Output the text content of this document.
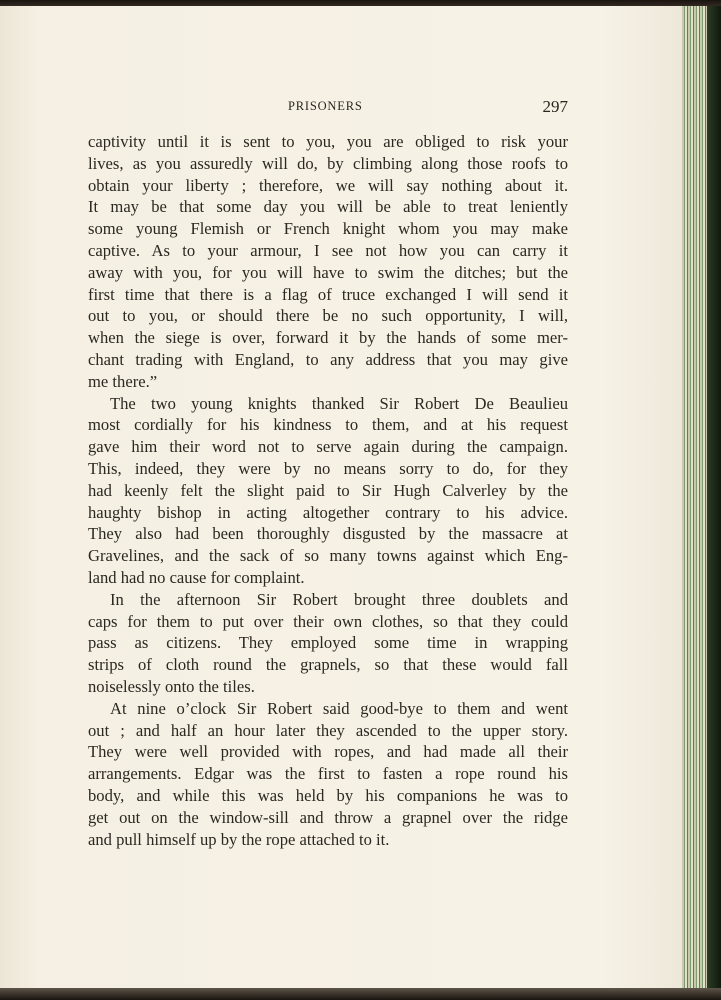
PRISONERS	297

captivity until it is sent to you, you are obliged to risk your
lives, as you assuredly will do, by climbing along those roofs to
obtain your liberty ; therefore, we will say nothing about it.
It may be that some day you will be able to treat leniently
some young Flemish or French knight whom you may make
captive. As to your armour, I see not how you can carry it
away with you, for you will have to swim the ditches; but the
first time that there is a flag of truce exchanged I will send it
out to you, or should there be no such opportunity, I will,
when the siege is over, forward it by the hands of some mer-
chant trading with England, to any address that you may give
me there.”

The two young knights thanked Sir Robert De Beaulieu
most cordially for his kindness to them, and at his request
gave him their word not to serve again during the campaign.
This, indeed, they were by no means sorry to do, for they
had keenly felt the slight paid to Sir Hugh Calverley by the
haughty bishop in acting altogether contrary to his advice.
They also had been thoroughly disgusted by the massacre at
Gravelines, and the sack of so many towns against which Eng-
land had no cause for complaint.

In the afternoon Sir Robert brought three doublets and
caps for them to put over their own clothes, so that they could
pass as citizens. They employed some time in wrapping
strips of cloth round the grapnels, so that these would fall
noiselessly onto the tiles.

At nine o’clock Sir Robert said good-bye to them and went
out ; and half an hour later they ascended to the upper story.
They were well provided with ropes, and had made all their
arrangements. Edgar was the first to fasten a rope round his
body, and while this was held by his companions he was to
get out on the window-sill and throw a grapnel over the ridge
and pull himself up by the rope attached to it.
